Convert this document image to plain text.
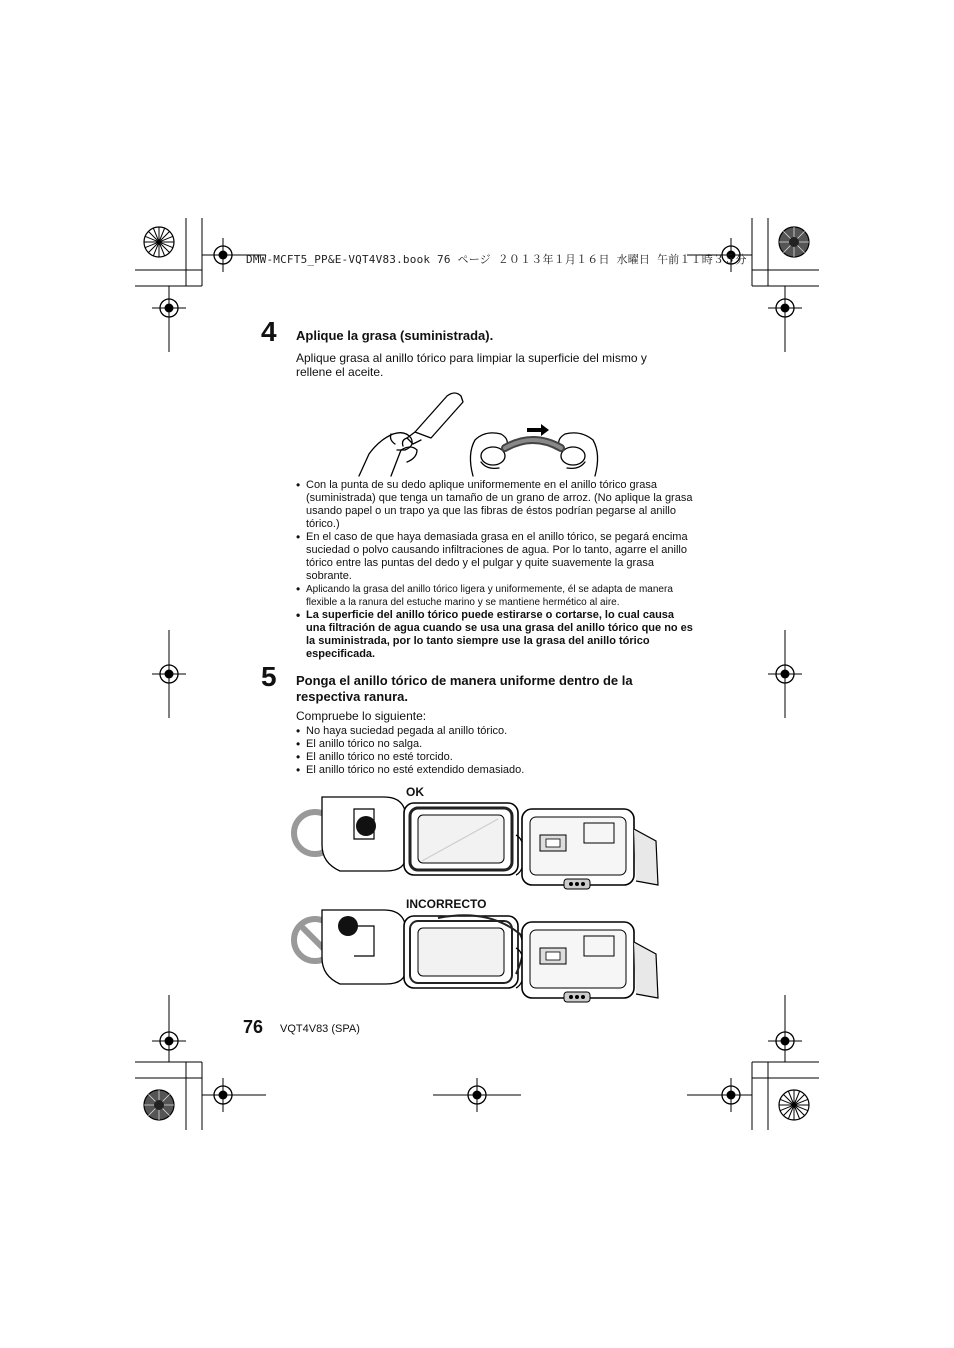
DMW-MCFT5_PP&E-VQT4V83.book 76 ページ ２０１３年１月１６日 水曜日 午前１１時３５分
4 Aplique la grasa (suministrada).
Aplique grasa al anillo tórico para limpiar la superficie del mismo y rellene el aceite.
• Con la punta de su dedo aplique uniformemente en el anillo tórico grasa (suministrada) que tenga un tamaño de un grano de arroz. (No aplique la grasa usando papel o un trapo ya que las fibras de éstos podrían pegarse al anillo tórico.)
• En el caso de que haya demasiada grasa en el anillo tórico, se pegará encima suciedad o polvo causando infiltraciones de agua. Por lo tanto, agarre el anillo tórico entre las puntas del dedo y el pulgar y quite suavemente la grasa sobrante.
• Aplicando la grasa del anillo tórico ligera y uniformemente, él se adapta de manera flexible a la ranura del estuche marino y se mantiene hermético al aire.
• La superficie del anillo tórico puede estirarse o cortarse, lo cual causa una filtración de agua cuando se usa una grasa del anillo tórico que no es la suministrada, por lo tanto siempre use la grasa del anillo tórico especificada.
5 Ponga el anillo tórico de manera uniforme dentro de la respectiva ranura.
Compruebe lo siguiente:
• No haya suciedad pegada al anillo tórico.
• El anillo tórico no salga.
• El anillo tórico no esté torcido.
• El anillo tórico no esté extendido demasiado.
OK
INCORRECTO
76 VQT4V83 (SPA)
